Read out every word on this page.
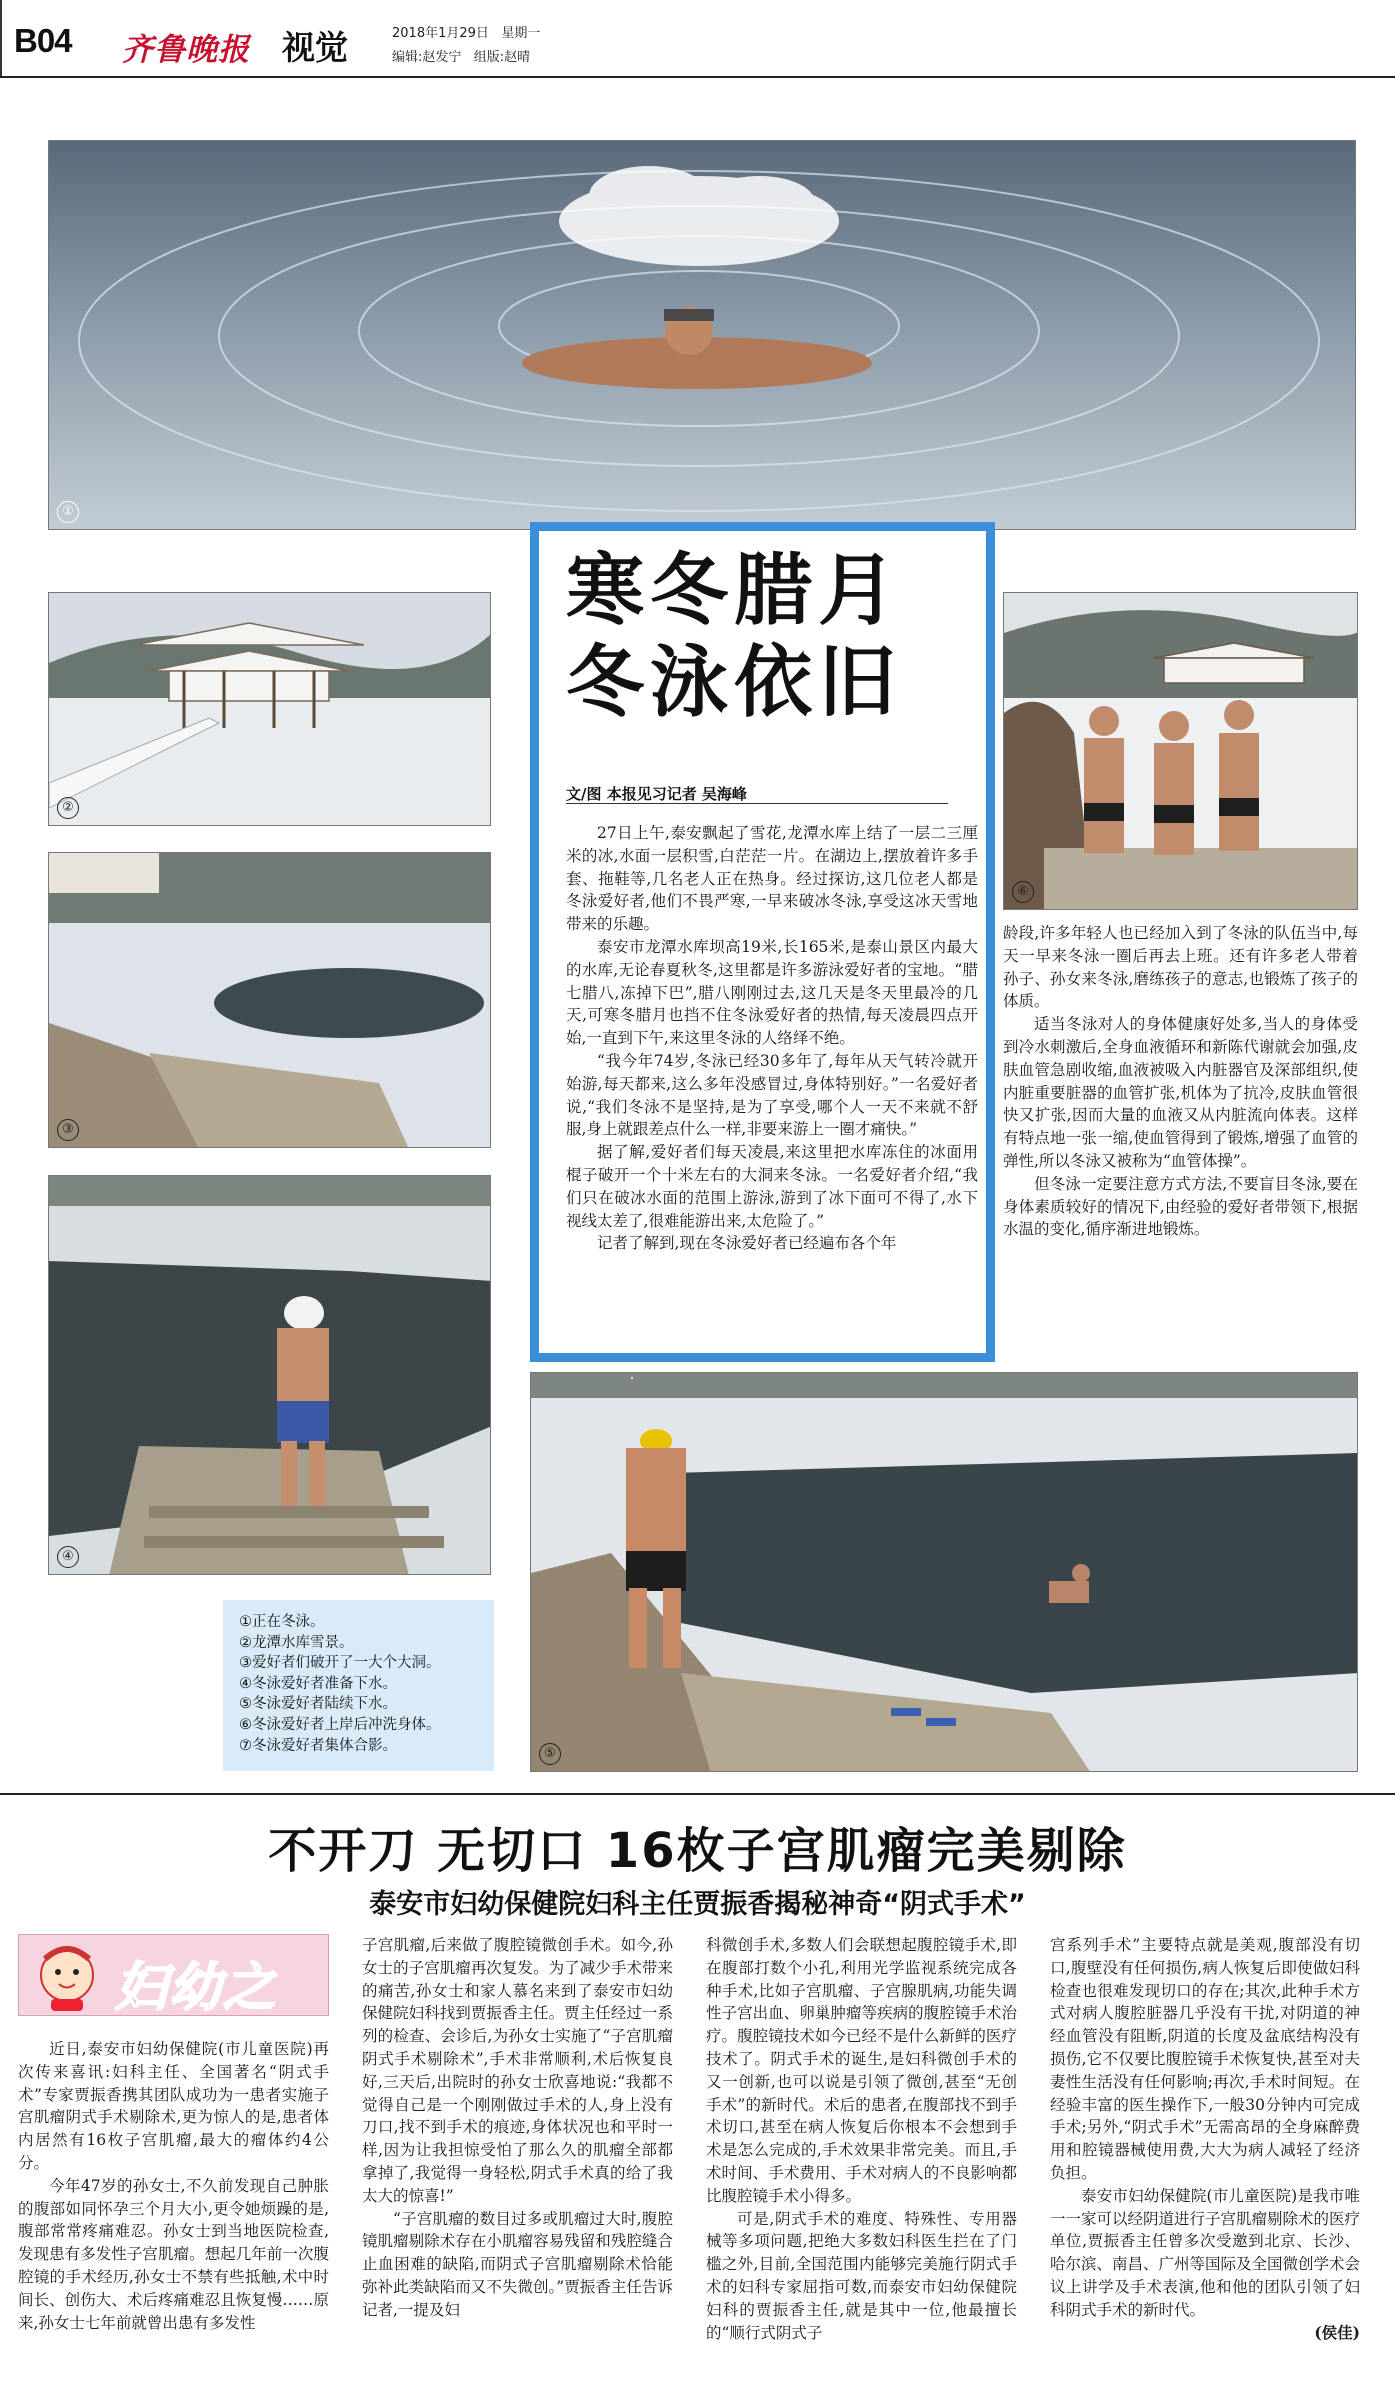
B04 齐鲁晚报 视觉	2018年1月29日 星期一
编辑:赵发宁 组版:赵晴
①
②
③
④
⑥
⑤
寒冬腊月
冬泳依旧
文/图 本报见习记者 吴海峰

27日上午,泰安飘起了雪花,龙潭水库上结了一层二三厘米的冰,水面一层积雪,白茫茫一片。在湖边上,摆放着许多手套、拖鞋等,几名老人正在热身。经过探访,这几位老人都是冬泳爱好者,他们不畏严寒,一早来破冰冬泳,享受这冰天雪地带来的乐趣。

泰安市龙潭水库坝高19米,长165米,是泰山景区内最大的水库,无论春夏秋冬,这里都是许多游泳爱好者的宝地。“腊七腊八,冻掉下巴”,腊八刚刚过去,这几天是冬天里最冷的几天,可寒冬腊月也挡不住冬泳爱好者的热情,每天凌晨四点开始,一直到下午,来这里冬泳的人络绎不绝。

“我今年74岁,冬泳已经30多年了,每年从天气转冷就开始游,每天都来,这么多年没感冒过,身体特别好。”一名爱好者说,“我们冬泳不是坚持,是为了享受,哪个人一天不来就不舒服,身上就跟差点什么一样,非要来游上一圈才痛快。”

据了解,爱好者们每天凌晨,来这里把水库冻住的冰面用棍子破开一个十米左右的大洞来冬泳。一名爱好者介绍,“我们只在破冰水面的范围上游泳,游到了冰下面可不得了,水下视线太差了,很难能游出来,太危险了。”

记者了解到,现在冬泳爱好者已经遍布各个年

龄段,许多年轻人也已经加入到了冬泳的队伍当中,每天一早来冬泳一圈后再去上班。还有许多老人带着孙子、孙女来冬泳,磨练孩子的意志,也锻炼了孩子的体质。

适当冬泳对人的身体健康好处多,当人的身体受到冷水刺激后,全身血液循环和新陈代谢就会加强,皮肤血管急剧收缩,血液被吸入内脏器官及深部组织,使内脏重要脏器的血管扩张,机体为了抗冷,皮肤血管很快又扩张,因而大量的血液又从内脏流向体表。这样有特点地一张一缩,使血管得到了锻炼,增强了血管的弹性,所以冬泳又被称为“血管体操”。

但冬泳一定要注意方式方法,不要盲目冬泳,要在身体素质较好的情况下,由经验的爱好者带领下,根据水温的变化,循序渐进地锻炼。

①正在冬泳。
②龙潭水库雪景。
③爱好者们破开了一大个大洞。
④冬泳爱好者准备下水。
⑤冬泳爱好者陆续下水。
⑥冬泳爱好者上岸后冲洗身体。
⑦冬泳爱好者集体合影。
不开刀 无切口 16枚子宫肌瘤完美剔除
泰安市妇幼保健院妇科主任贾振香揭秘神奇“阴式手术”
妇幼之

近日,泰安市妇幼保健院(市儿童医院)再次传来喜讯:妇科主任、全国著名“阴式手术”专家贾振香携其团队成功为一患者实施子宫肌瘤阴式手术剔除术,更为惊人的是,患者体内居然有16枚子宫肌瘤,最大的瘤体约4公分。

今年47岁的孙女士,不久前发现自己肿胀的腹部如同怀孕三个月大小,更令她烦躁的是,腹部常常疼痛难忍。孙女士到当地医院检查,发现患有多发性子宫肌瘤。想起几年前一次腹腔镜的手术经历,孙女士不禁有些抵触,术中时间长、创伤大、术后疼痛难忍且恢复慢……原来,孙女士七年前就曾出患有多发性

子宫肌瘤,后来做了腹腔镜微创手术。如今,孙女士的子宫肌瘤再次复发。为了减少手术带来的痛苦,孙女士和家人慕名来到了泰安市妇幼保健院妇科找到贾振香主任。贾主任经过一系列的检查、会诊后,为孙女士实施了“子宫肌瘤阴式手术剔除术”,手术非常顺利,术后恢复良好,三天后,出院时的孙女士欣喜地说:“我都不觉得自己是一个刚刚做过手术的人,身上没有刀口,找不到手术的痕迹,身体状况也和平时一样,因为让我担惊受怕了那么久的肌瘤全部都拿掉了,我觉得一身轻松,阴式手术真的给了我太大的惊喜!”

“子宫肌瘤的数目过多或肌瘤过大时,腹腔镜肌瘤剔除术存在小肌瘤容易残留和残腔缝合止血困难的缺陷,而阴式子宫肌瘤剔除术恰能弥补此类缺陷而又不失微创。”贾振香主任告诉记者,一提及妇

科微创手术,多数人们会联想起腹腔镜手术,即在腹部打数个小孔,利用光学监视系统完成各种手术,比如子宫肌瘤、子宫腺肌病,功能失调性子宫出血、卵巢肿瘤等疾病的腹腔镜手术治疗。腹腔镜技术如今已经不是什么新鲜的医疗技术了。阴式手术的诞生,是妇科微创手术的又一创新,也可以说是引领了微创,甚至“无创手术”的新时代。术后的患者,在腹部找不到手术切口,甚至在病人恢复后你根本不会想到手术是怎么完成的,手术效果非常完美。而且,手术时间、手术费用、手术对病人的不良影响都比腹腔镜手术小得多。

可是,阴式手术的难度、特殊性、专用器械等多项问题,把绝大多数妇科医生拦在了门槛之外,目前,全国范围内能够完美施行阴式手术的妇科专家屈指可数,而泰安市妇幼保健院妇科的贾振香主任,就是其中一位,他最擅长的“顺行式阴式子

宫系列手术”主要特点就是美观,腹部没有切口,腹壁没有任何损伤,病人恢复后即使做妇科检查也很难发现切口的存在;其次,此种手术方式对病人腹腔脏器几乎没有干扰,对阴道的神经血管没有阻断,阴道的长度及盆底结构没有损伤,它不仅要比腹腔镜手术恢复快,甚至对夫妻性生活没有任何影响;再次,手术时间短。在经验丰富的医生操作下,一般30分钟内可完成手术;另外,“阴式手术”无需高昂的全身麻醉费用和腔镜器械使用费,大大为病人减轻了经济负担。

泰安市妇幼保健院(市儿童医院)是我市唯一一家可以经阴道进行子宫肌瘤剔除术的医疗单位,贾振香主任曾多次受邀到北京、长沙、哈尔滨、南昌、广州等国际及全国微创学术会议上讲学及手术表演,他和他的团队引领了妇科阴式手术的新时代。

(侯佳)
